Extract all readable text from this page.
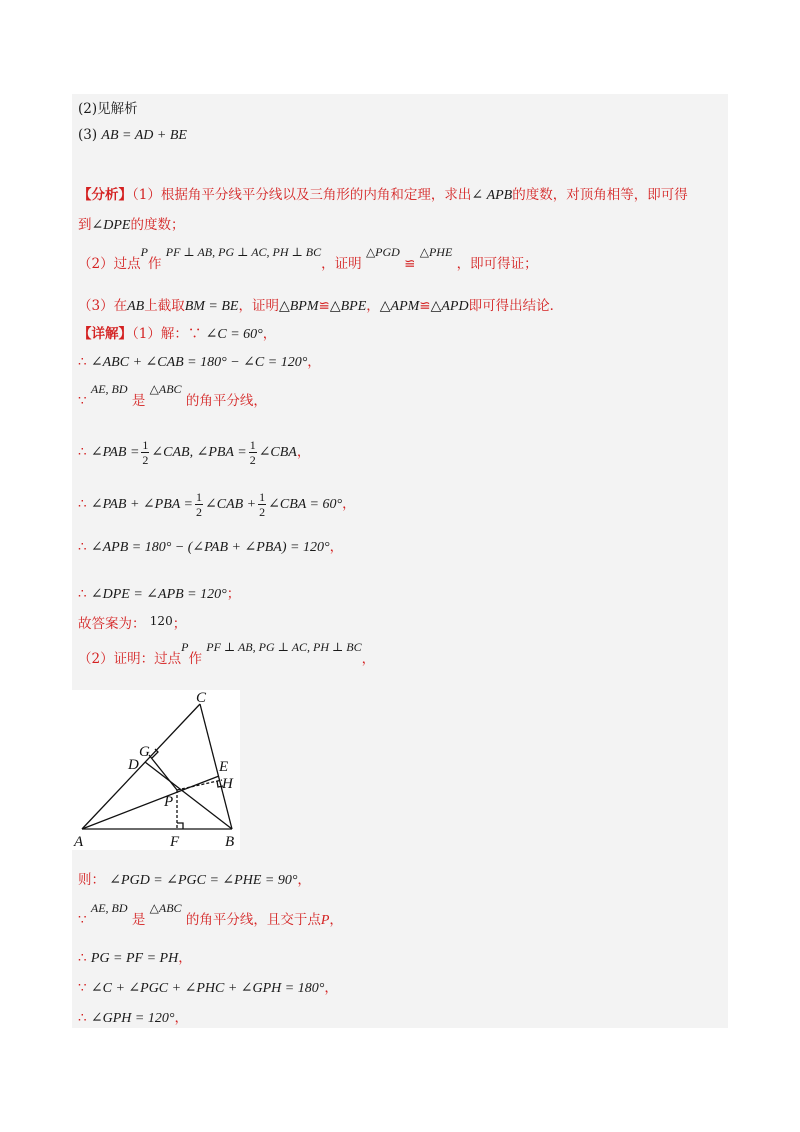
(2)见解析
(3) AB = AD + BE
【分析】（1）根据角平分线平分线以及三角形的内角和定理，求出∠ APB的度数，对顶角相等，即可得
到∠DPE的度数；
（2）过点P作 PF ⊥ AB, PG ⊥ AC, PH ⊥ BC，证明 △PGD ≌ △PHE ，即可得证；
（3）在AB上截取BM = BE，证明△BPM≌△BPE，△APM≌△APD即可得出结论．
【详解】（1）解：∵ ∠C = 60°，
∴ ∠ABC + ∠CAB = 180° − ∠C = 120°，
∵ AE, BD 是 △ABC 的角平分线，
∴ ∠PAB = $\frac{1}{2}$ ∠CAB, ∠PBA = $\frac{1}{2}$ ∠CBA，
∴ ∠PAB + ∠PBA = $\frac{1}{2}$ ∠CAB + $\frac{1}{2}$ ∠CBA = 60°，
∴ ∠APB = 180° − (∠PAB + ∠PBA) = 120°，
∴ ∠DPE = ∠APB = 120°；
故答案为： 120；
（2）证明：过点P作 PF ⊥ AB, PG ⊥ AC, PH ⊥ BC，
C
G
D	E
H
P
A	F	B
则： ∠PGD = ∠PGC = ∠PHE = 90°，
∵ AE, BD 是 △ABC 的角平分线，且交于点P，
∴ PG = PF = PH，
∵ ∠C + ∠PGC + ∠PHC + ∠GPH = 180°，
∴ ∠GPH = 120°，
